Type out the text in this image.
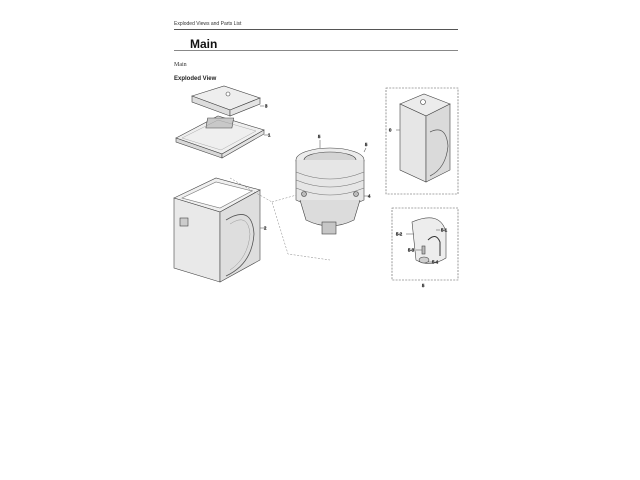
Exploded Views and Parts List
Main
Main
Exploded View
3
1
2
5
5
4
0
5-2
5-1
5-3
5-4
5
